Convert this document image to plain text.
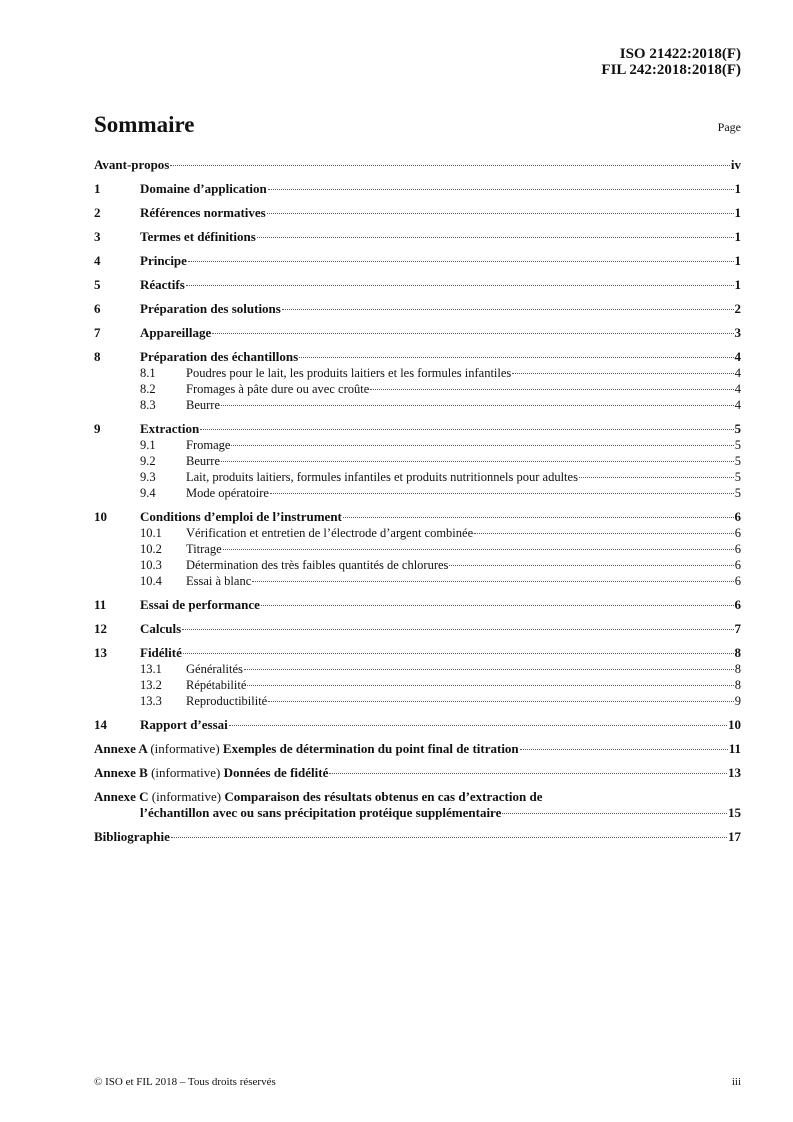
ISO 21422:2018(F)
FIL 242:2018:2018(F)
Sommaire	Page
Avant-propos	iv
1	Domaine d’application	1
2	Références normatives	1
3	Termes et définitions	1
4	Principe	1
5	Réactifs	1
6	Préparation des solutions	2
7	Appareillage	3
8	Préparation des échantillons	4
8.1	Poudres pour le lait, les produits laitiers et les formules infantiles	4
8.2	Fromages à pâte dure ou avec croûte	4
8.3	Beurre	4
9	Extraction	5
9.1	Fromage	5
9.2	Beurre	5
9.3	Lait, produits laitiers, formules infantiles et produits nutritionnels pour adultes	5
9.4	Mode opératoire	5
10	Conditions d’emploi de l’instrument	6
10.1	Vérification et entretien de l’électrode d’argent combinée	6
10.2	Titrage	6
10.3	Détermination des très faibles quantités de chlorures	6
10.4	Essai à blanc	6
11	Essai de performance	6
12	Calculs	7
13	Fidélité	8
13.1	Généralités	8
13.2	Répétabilité	8
13.3	Reproductibilité	9
14	Rapport d’essai	10
Annexe A (informative) Exemples de détermination du point final de titration	11
Annexe B (informative) Données de fidélité	13
Annexe C (informative) Comparaison des résultats obtenus en cas d’extraction de
l’échantillon avec ou sans précipitation protéique supplémentaire	15
Bibliographie	17
© ISO et FIL 2018 – Tous droits réservés	iii
